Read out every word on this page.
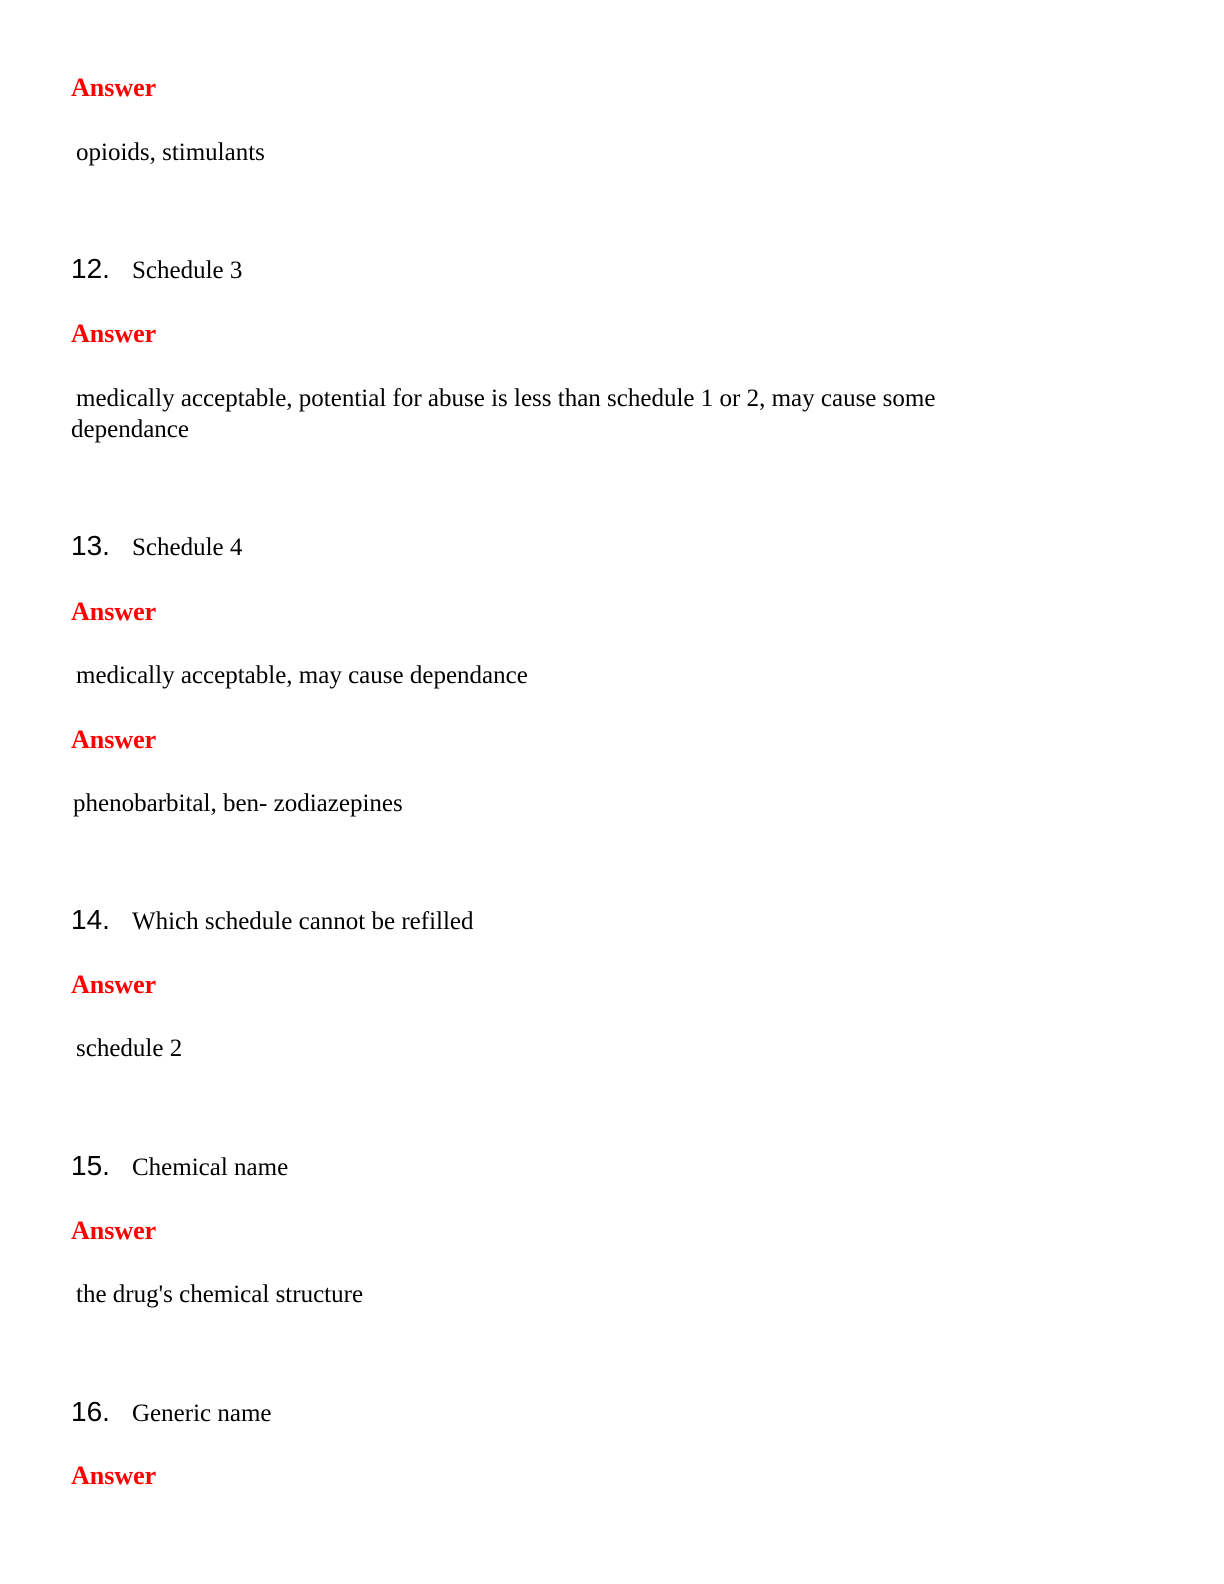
Answer
opioids, stimulants
12. Schedule 3
Answer
medically acceptable, potential for abuse is less than schedule 1 or 2, may cause some
dependance
13. Schedule 4
Answer
medically acceptable, may cause dependance
Answer
phenobarbital, ben- zodiazepines
14. Which schedule cannot be refilled
Answer
schedule 2
15. Chemical name
Answer
the drug's chemical structure
16. Generic name
Answer
